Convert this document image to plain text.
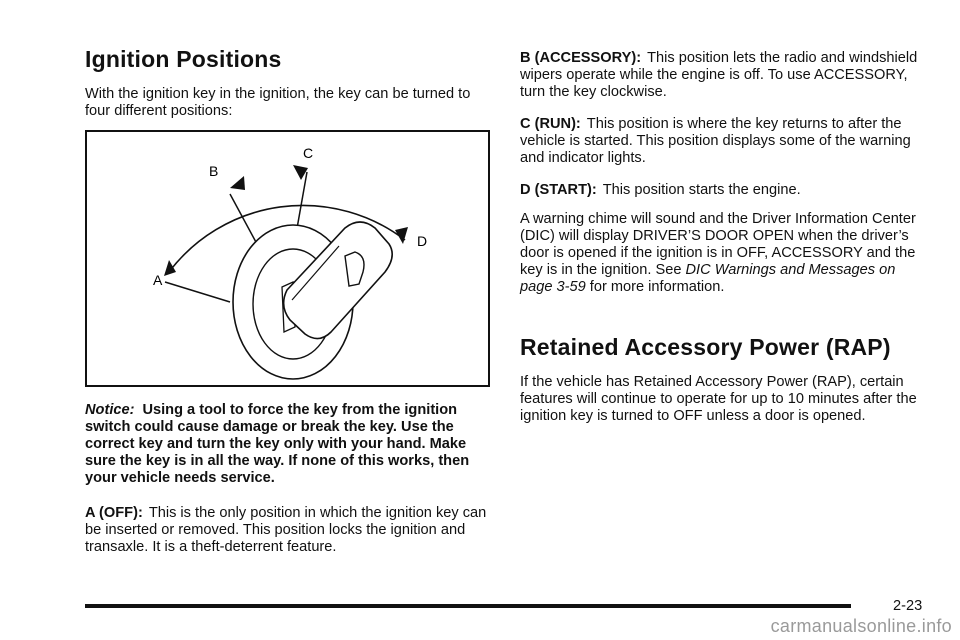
Ignition Positions

With the ignition key in the ignition, the key can be turned to four different positions:

A
B
C
D

Notice: Using a tool to force the key from the ignition switch could cause damage or break the key. Use the correct key and turn the key only with your hand. Make sure the key is in all the way. If none of this works, then your vehicle needs service.

A (OFF): This is the only position in which the ignition key can be inserted or removed. This position locks the ignition and transaxle. It is a theft-deterrent feature.

B (ACCESSORY): This position lets the radio and windshield wipers operate while the engine is off. To use ACCESSORY, turn the key clockwise.

C (RUN): This position is where the key returns to after the vehicle is started. This position displays some of the warning and indicator lights.

D (START): This position starts the engine.

A warning chime will sound and the Driver Information Center (DIC) will display DRIVER’S DOOR OPEN when the driver’s door is opened if the ignition is in OFF, ACCESSORY and the key is in the ignition. See DIC Warnings and Messages on page 3-59 for more information.

Retained Accessory Power (RAP)

If the vehicle has Retained Accessory Power (RAP), certain features will continue to operate for up to 10 minutes after the ignition key is turned to OFF unless a door is opened.

2-23
carmanualsonline.info
